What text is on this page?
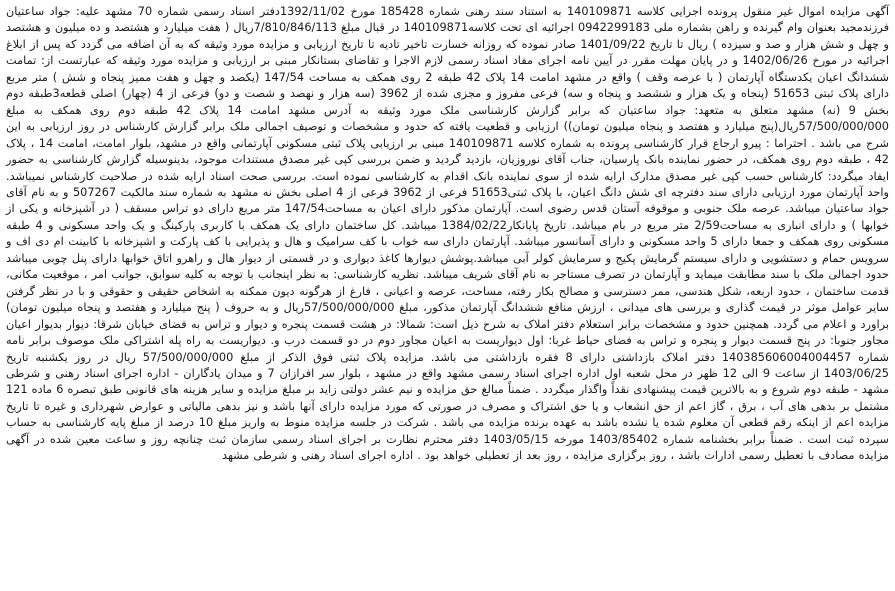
آگهی مزایده اموال غیر منقول پرونده اجرایی کلاسه 140109871 به استناد سند رهنی شماره 185428 مورخ 1392/11/02دفتر اسناد رسمی شماره 70 مشهد علیه: جواد ساعتیان فرزندمجید بعنوان وام گیرنده و راهن بشماره ملی 0942299183 اجرائیه ای تحت کلاسه140109871 در قبال مبلغ 7/810/846/113ریال ( هفت میلیارد و هشتصد و ده میلیون و هشتصد و چهل و شش هزار و صد و سیزده ) ریال تا تاریخ 1401/09/22 صادر نموده که روزانه خسارت تاخیر تادیه تا تاریخ ارزیابی و مزایده مورد وثیقه که به آن اضافه می گردد که پس از ابلاغ اجرائیه در مورخ 1402/06/26 و در پایان مهلت مقرر در آیین نامه اجرای مفاد اسناد رسمی لازم الاجرا و تقاضای بستانکار مبنی بر ارزیابی و مزایده مورد وثیقه که عبارتست از: تمامت ششدانگ اعیان یکدستگاه آپارتمان ( با عرصه وقف ) واقع در مشهد امامت 14 پلاک 42 طبقه 2 روی همکف به مساحت 147/54 (یکصد و چهل و هفت ممیز پنجاه و شش ) متر مربع دارای پلاک ثبتی 51653 (پنجاه و یک هزار و ششصد و پنجاه و سه) فرعی مفروز و مجزی شده از 3962 (سه هزار و نهصد و شصت و دو) فرعی از 4 (چهار) اصلی قطعه3طبقه دوم بخش 9 (نه) مشهد متعلق به متعهد: جواد ساعتیان که برابر گزارش کارشناسی ملک مورد وثیقه به آدرس مشهد امامت 14 پلاک 42 طبقه دوم روی همکف به مبلغ 57/500/000/000ریال(پنج میلیارد و هفتصد و پنجاه میلیون تومان)) ارزیابی و قطعیت یافته که حدود و مشخصات و توصیف اجمالی ملک برابر گزارش کارشناس در روز ارزیابی به این شرح می باشد . احتراما : پیرو ارجاع قرار کارشناسی پرونده به شماره کلاسه 140109871 مبنی بر ارزیابی پلاک ثبتی مسکونی آپارتمانی واقع در مشهد، بلوار امامت، امامت 14 ، پلاک 42 ، طبقه دوم روی همکف، در حضور نماینده بانک پارسیان، جناب آقای نوروزیان، بازدید گردید و ضمن بررسی کپی غیر مصدق مستندات موجود، بدینوسیله گزارش کارشناسی به حضور ایفاد میگردد: کارشناس حسب کپی غیر مصدق مدارک ارایه شده از سوی نماینده بانک اقدام به کارشناسی نموده است. بررسی صحت اسناد ارایه شده در صلاحیت کارشناس نمیباشد. واحد آپارتمان مورد ارزیابی دارای سند دفترچه ای شش دانگ اعیان، با پلاک ثبتی51653 فرعی از 3962 فرعی از 4 اصلی بخش نه مشهد به شماره سند مالکیت 507267 و به نام آقای جواد ساعتیان میباشد. عرصه ملک جنوبی و موقوفه آستان قدس رضوی است. آپارتمان مذکور دارای اعیان به مساحت147/54 متر مربع دارای دو تراس مسقف ( در آشپزخانه و یکی از خوابها ) و دارای انباری به مساحت2/59 متر مربع در بام میباشد. تاریخ پایانکار1384/02/22 میباشد. کل ساختمان دارای یک همکف با کاربری پارکینگ و یک واحد مسکونی و 4 طبقه مسکونی روی همکف و جمعا دارای 5 واحد مسکونی و دارای آسانسور میباشد. آپارتمان دارای سه خواب با کف سرامیک و هال و پذیرایی با کف پارکت و اشپزخانه با کابینت ام دی اف و سرویس حمام و دستشویی و دارای سیستم گرمایش پکیج و سرمایش کولر آبی میباشد.پوشش دیوارها کاغذ دیواری و در قسمتی از دیوار هال و راهرو اتاق خوابها دارای پنل چوبی میباشد حدود اجمالی ملک با سند مطابقت میماید و آپارتمان در تصرف مستاجر به نام آقای شریف میباشد. نظریه کارشناسی: به نظر اینجانب با توجه به کلیه سوابق، جوانب امر ، موقعیت مکانی، قدمت ساختمان ، حدود اربعه، شکل هندسی، ممر دسترسی و مصالح بکار رفته، مساحت، عرصه و اعیانی ، فارغ از هرگونه دیون ممکنه به اشخاص حقیقی و حقوقی و با در نظر گرفتن سایر عوامل موثر در قیمت گذاری و بررسی های میدانی ، ارزش منافع ششدانگ آپارتمان مذکور، مبلغ 57/500/000/000ریال و به حروف ( پنج میلیارد و هفتصد و پنجاه میلیون تومان) براورد و اعلام می گردد. همچنین حدود و مشخصات برابر استعلام دفتر املاک به شرح ذیل است: شمالا: در هشت قسمت پنجره و دیوار و تراس به فضای خیابان شرقا: دیوار بدیوار اعیان مجاور جنوبا: در پنج قسمت دیوار و پنجره و تراس به فضای حیاط غربا: اول دیواریست به اعیان مجاور دوم در دو قسمت درب و. دیواریست به راه پله اشتراکی ملک موصوف برابر نامه شماره 140385606004004457 دفتر املاک بازداشتی دارای 8 فقره بازداشتی می باشد. مزایده پلاک ثبتی فوق الذکر از مبلغ 57/500/000/000 ریال در روز یکشنبه تاریخ 1403/06/25 از ساعت 9 الی 12 ظهر در محل شعبه اول اداره اجرای اسناد رسمی مشهد واقع در مشهد ، بلوار سر افرازان 7 و میدان یادگاران - اداره اجرای اسناد رهنی و شرطی مشهد - طبقه دوم شروع و به بالاترین قیمت پیشنهادی نقداً واگذار میگردد . ضمناً مبالغ حق مزایده و نیم عشر دولتی زاید بر مبلغ مزایده و سایر هزینه های قانونی طبق تبصره 6 ماده 121 مشتمل بر بدهی های آب ، برق ، گاز اعم از حق انشعاب و یا حق اشتراک و مصرف در صورتی که مورد مزایده دارای آنها باشد و نیز بدهی مالیاتی و عوارض شهرداری و غیره تا تاریخ مزایده اعم از اینکه رقم قطعی آن معلوم شده یا نشده باشد به عهده برنده مزایده می باشد . شرکت در جلسه مزایده منوط به واریز مبلغ 10 درصد از مبلغ پایه کارشناسی به حساب سپرده ثبت است . ضمناً برابر بخشنامه شماره 1403/85402 مورخه 1403/05/15 دفتر محترم نظارت بر اجرای اسناد رسمی سازمان ثبت چنانچه روز و ساعت معین شده در آگهی مزایده مصادف با تعطیل رسمی ادارات باشد ، روز برگزاری مزایده ، روز بعد از تعطیلی خواهد بود . اداره اجرای اسناد رهنی و شرطی مشهد
